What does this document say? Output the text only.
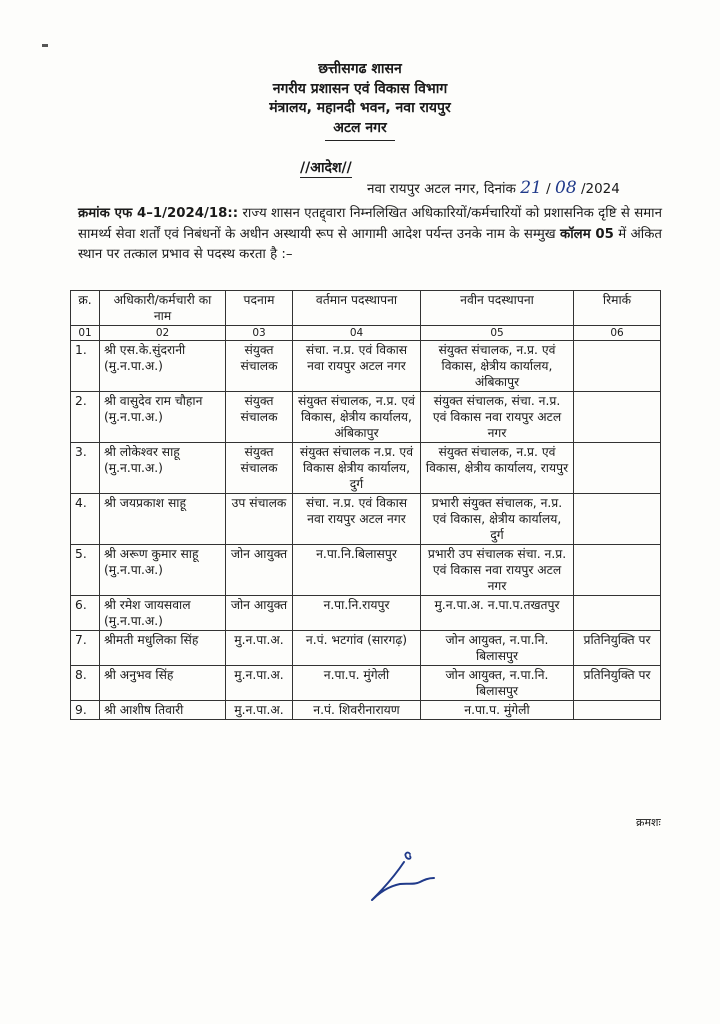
छत्तीसगढ शासन
नगरीय प्रशासन एवं विकास विभाग
मंत्रालय, महानदी भवन, नवा रायपुर
अटल नगर
//आदेश//
नवा रायपुर अटल नगर, दिनांक 21 / 08 /2024
क्रमांक एफ 4–1/2024/18:: राज्य शासन एतद्द्वारा निम्नलिखित अधिकारियों/कर्मचारियों को प्रशासनिक दृष्टि से समान सामर्थ्य सेवा शर्तों एवं निबंधनों के अधीन अस्थायी रूप से आगामी आदेश पर्यन्त उनके नाम के सम्मुख कॉलम 05 में अंकित स्थान पर तत्काल प्रभाव से पदस्थ करता है :–
क्र.	अधिकारी/कर्मचारी का नाम	पदनाम	वर्तमान पदस्थापना	नवीन पदस्थापना	रिमार्क
01	02	03	04	05	06
1.	श्री एस.के.सुंदरानी (मु.न.पा.अ.)	संयुक्त संचालक	संचा. न.प्र. एवं विकास नवा रायपुर अटल नगर	संयुक्त संचालक, न.प्र. एवं विकास, क्षेत्रीय कार्यालय, अंबिकापुर	
2.	श्री वासुदेव राम चौहान (मु.न.पा.अ.)	संयुक्त संचालक	संयुक्त संचालक, न.प्र. एवं विकास, क्षेत्रीय कार्यालय, अंबिकापुर	संयुक्त संचालक, संचा. न.प्र. एवं विकास नवा रायपुर अटल नगर	
3.	श्री लोकेश्वर साहू (मु.न.पा.अ.)	संयुक्त संचालक	संयुक्त संचालक न.प्र. एवं विकास क्षेत्रीय कार्यालय, दुर्ग	संयुक्त संचालक, न.प्र. एवं विकास, क्षेत्रीय कार्यालय, रायपुर	
4.	श्री जयप्रकाश साहू	उप संचालक	संचा. न.प्र. एवं विकास नवा रायपुर अटल नगर	प्रभारी संयुक्त संचालक, न.प्र. एवं विकास, क्षेत्रीय कार्यालय, दुर्ग	
5.	श्री अरूण कुमार साहू (मु.न.पा.अ.)	जोन आयुक्त	न.पा.नि.बिलासपुर	प्रभारी उप संचालक संचा. न.प्र. एवं विकास नवा रायपुर अटल नगर	
6.	श्री रमेश जायसवाल (मु.न.पा.अ.)	जोन आयुक्त	न.पा.नि.रायपुर	मु.न.पा.अ. न.पा.प.तखतपुर	
7.	श्रीमती मधुलिका सिंह	मु.न.पा.अ.	न.पं. भटगांव (सारगढ़)	जोन आयुक्त, न.पा.नि. बिलासपुर	प्रतिनियुक्ति पर
8.	श्री अनुभव सिंह	मु.न.पा.अ.	न.पा.प. मुंगेली	जोन आयुक्त, न.पा.नि. बिलासपुर	प्रतिनियुक्ति पर
9.	श्री आशीष तिवारी	मु.न.पा.अ.	न.पं. शिवरीनारायण	न.पा.प. मुंगेली	
क्रमशः
